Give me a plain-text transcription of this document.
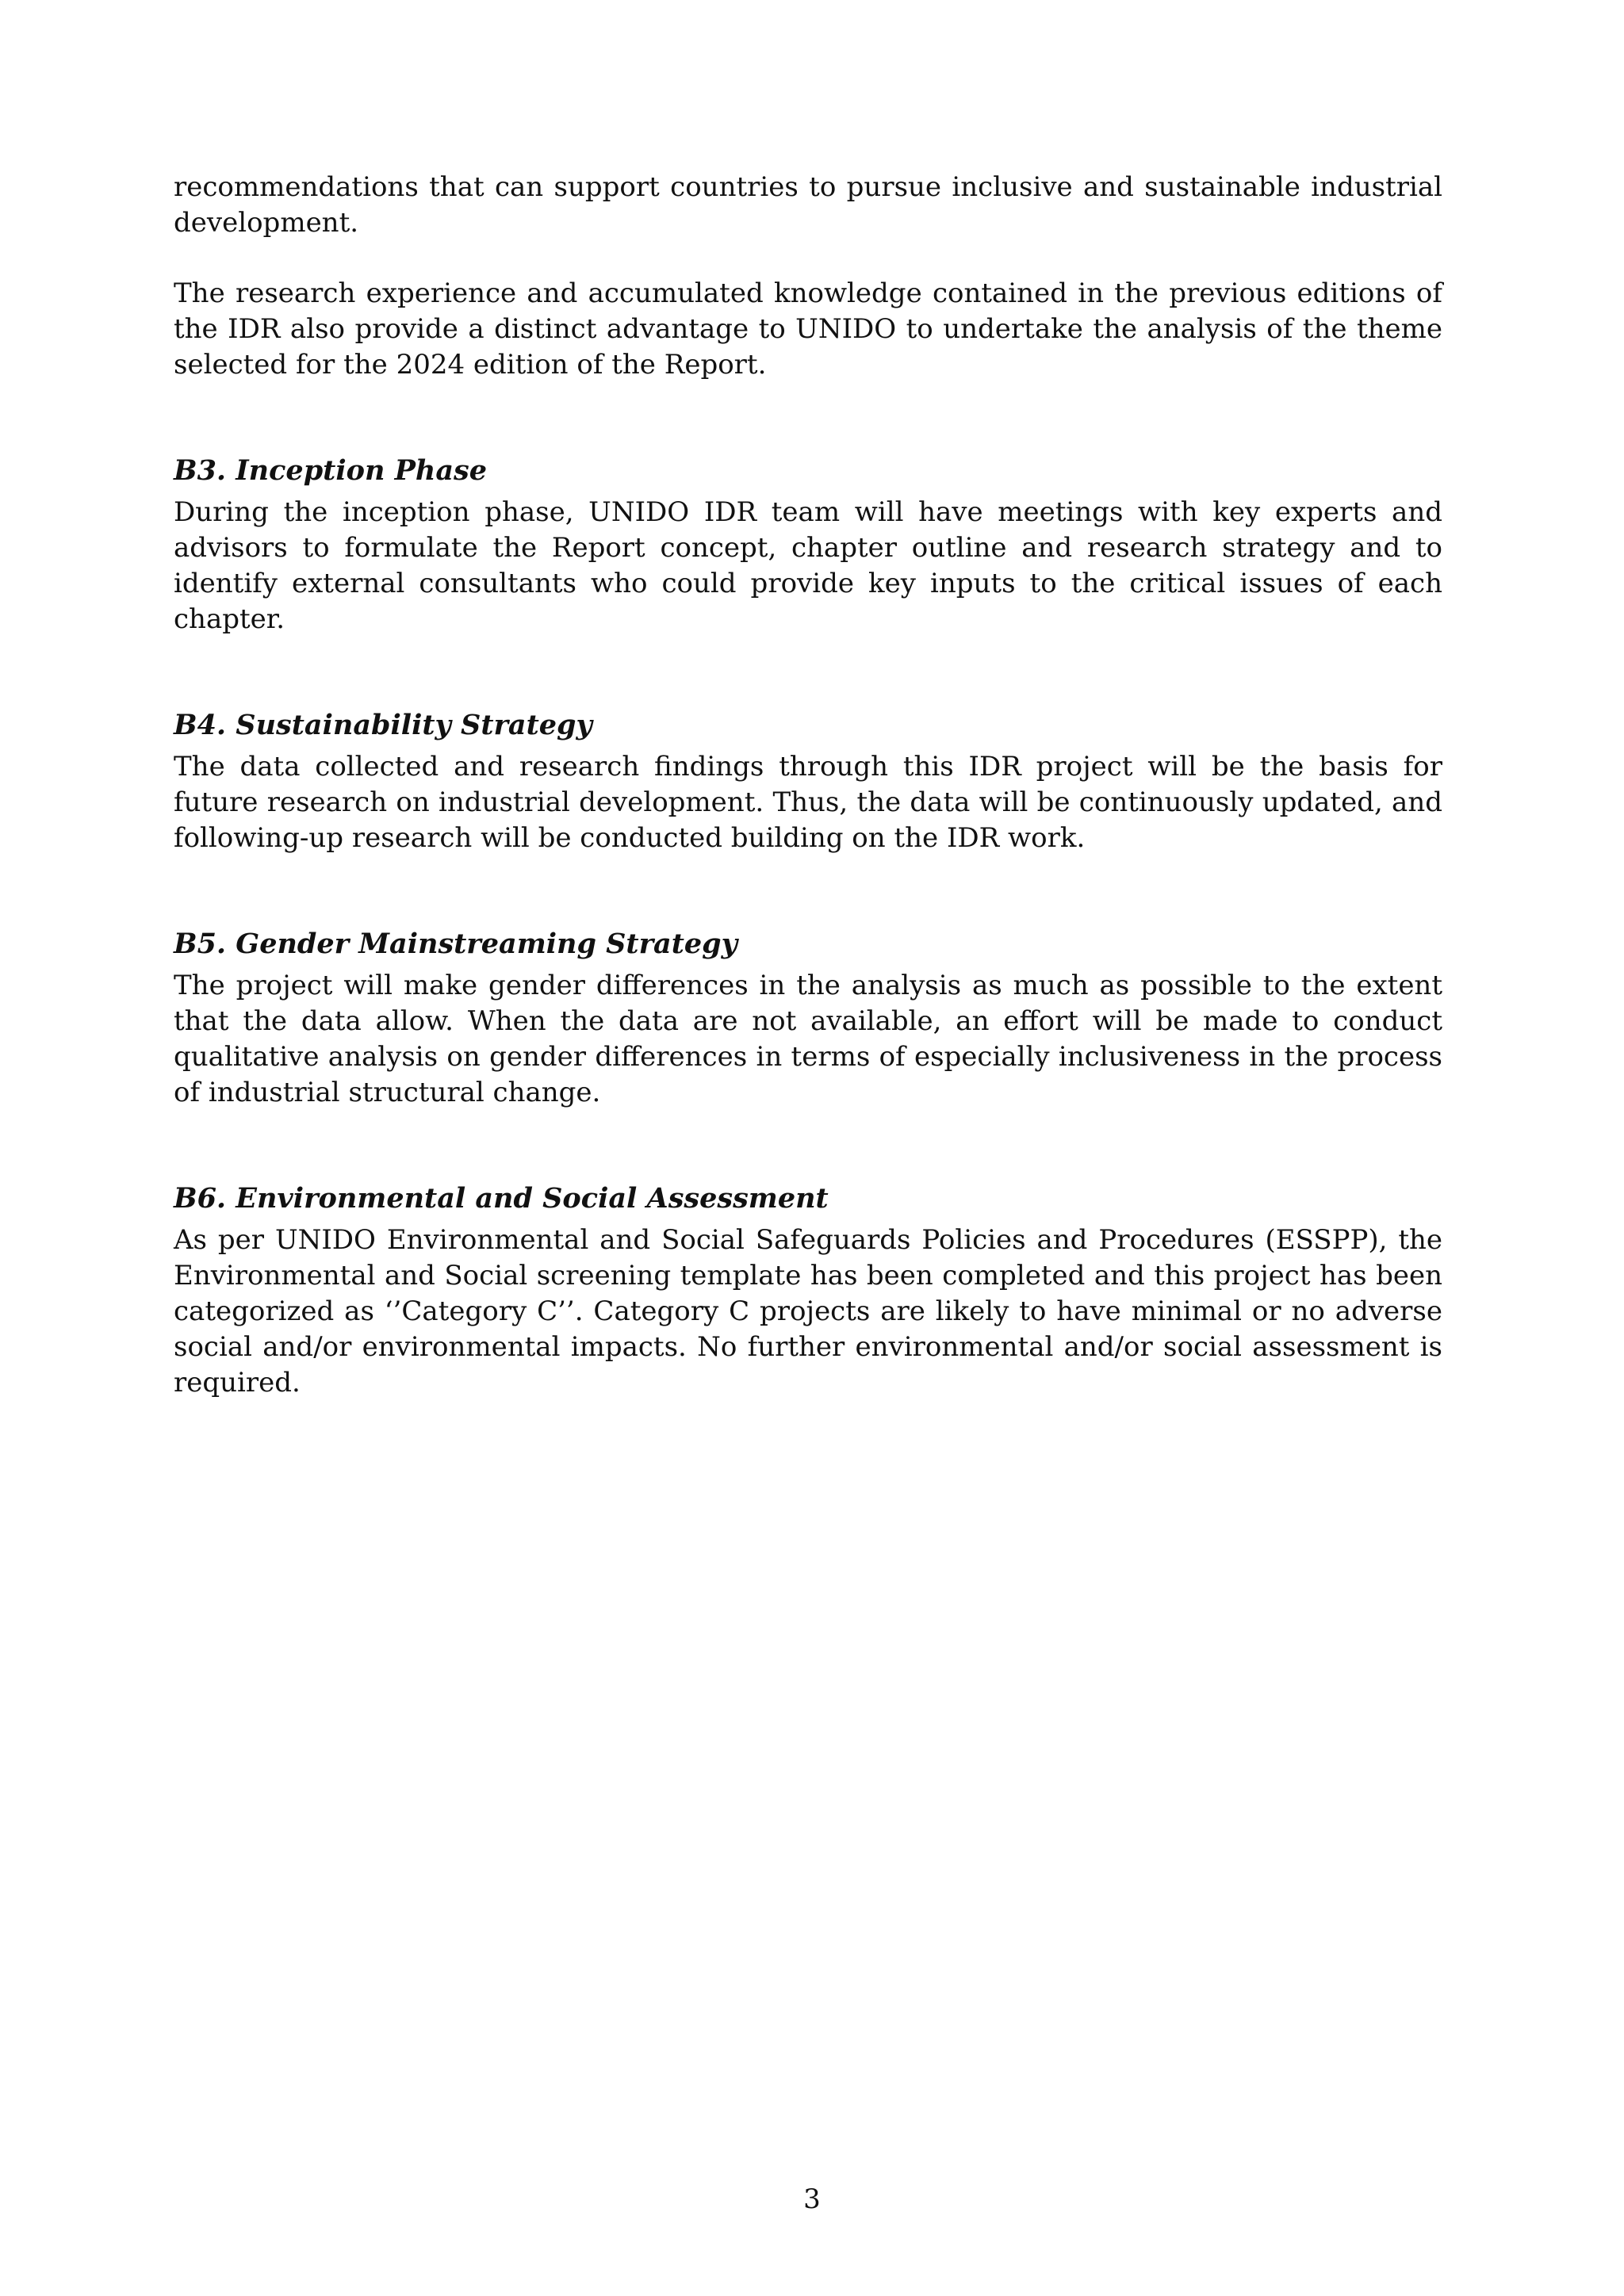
recommendations that can support countries to pursue inclusive and sustainable industrial development.

The research experience and accumulated knowledge contained in the previous editions of the IDR also provide a distinct advantage to UNIDO to undertake the analysis of the theme selected for the 2024 edition of the Report.

B3. Inception Phase

During the inception phase, UNIDO IDR team will have meetings with key experts and advisors to formulate the Report concept, chapter outline and research strategy and to identify external consultants who could provide key inputs to the critical issues of each chapter.

B4. Sustainability Strategy

The data collected and research findings through this IDR project will be the basis for future research on industrial development. Thus, the data will be continuously updated, and following-up research will be conducted building on the IDR work.

B5. Gender Mainstreaming Strategy

The project will make gender differences in the analysis as much as possible to the extent that the data allow. When the data are not available, an effort will be made to conduct qualitative analysis on gender differences in terms of especially inclusiveness in the process of industrial structural change.

B6. Environmental and Social Assessment

As per UNIDO Environmental and Social Safeguards Policies and Procedures (ESSPP), the Environmental and Social screening template has been completed and this project has been categorized as ‘’Category C’’. Category C projects are likely to have minimal or no adverse social and/or environmental impacts. No further environmental and/or social assessment is required.

3
